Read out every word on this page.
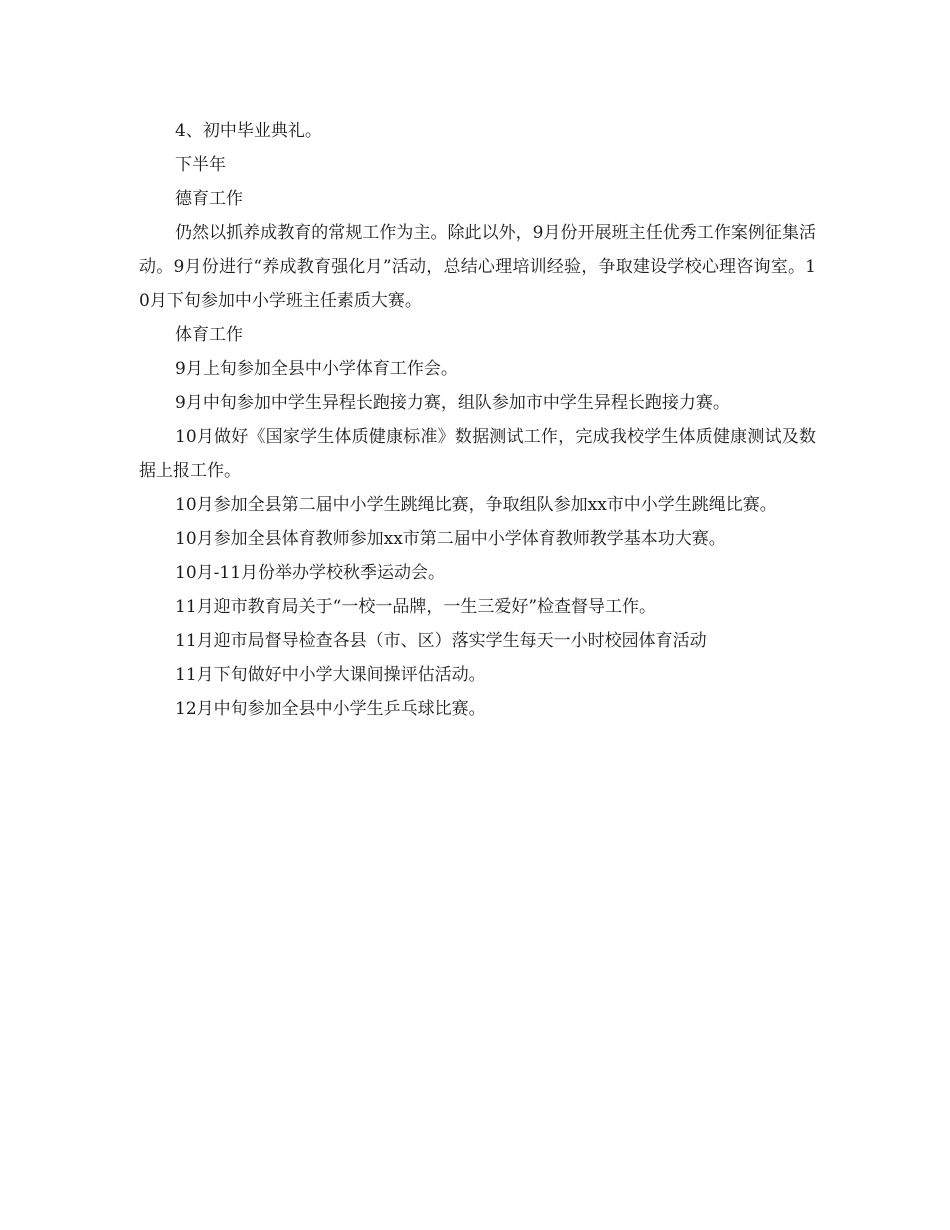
4、初中毕业典礼。

下半年

德育工作

仍然以抓养成教育的常规工作为主。除此以外，9月份开展班主任优秀工作案例征集活动。9月份进行“养成教育强化月”活动，总结心理培训经验，争取建设学校心理咨询室。10月下旬参加中小学班主任素质大赛。

体育工作

9月上旬参加全县中小学体育工作会。

9月中旬参加中学生异程长跑接力赛，组队参加市中学生异程长跑接力赛。

10月做好《国家学生体质健康标准》数据测试工作，完成我校学生体质健康测试及数据上报工作。

10月参加全县第二届中小学生跳绳比赛，争取组队参加xx市中小学生跳绳比赛。

10月参加全县体育教师参加xx市第二届中小学体育教师教学基本功大赛。

10月-11月份举办学校秋季运动会。

11月迎市教育局关于“一校一品牌，一生三爱好”检查督导工作。

11月迎市局督导检查各县（市、区）落实学生每天一小时校园体育活动

11月下旬做好中小学大课间操评估活动。

12月中旬参加全县中小学生乒乓球比赛。
